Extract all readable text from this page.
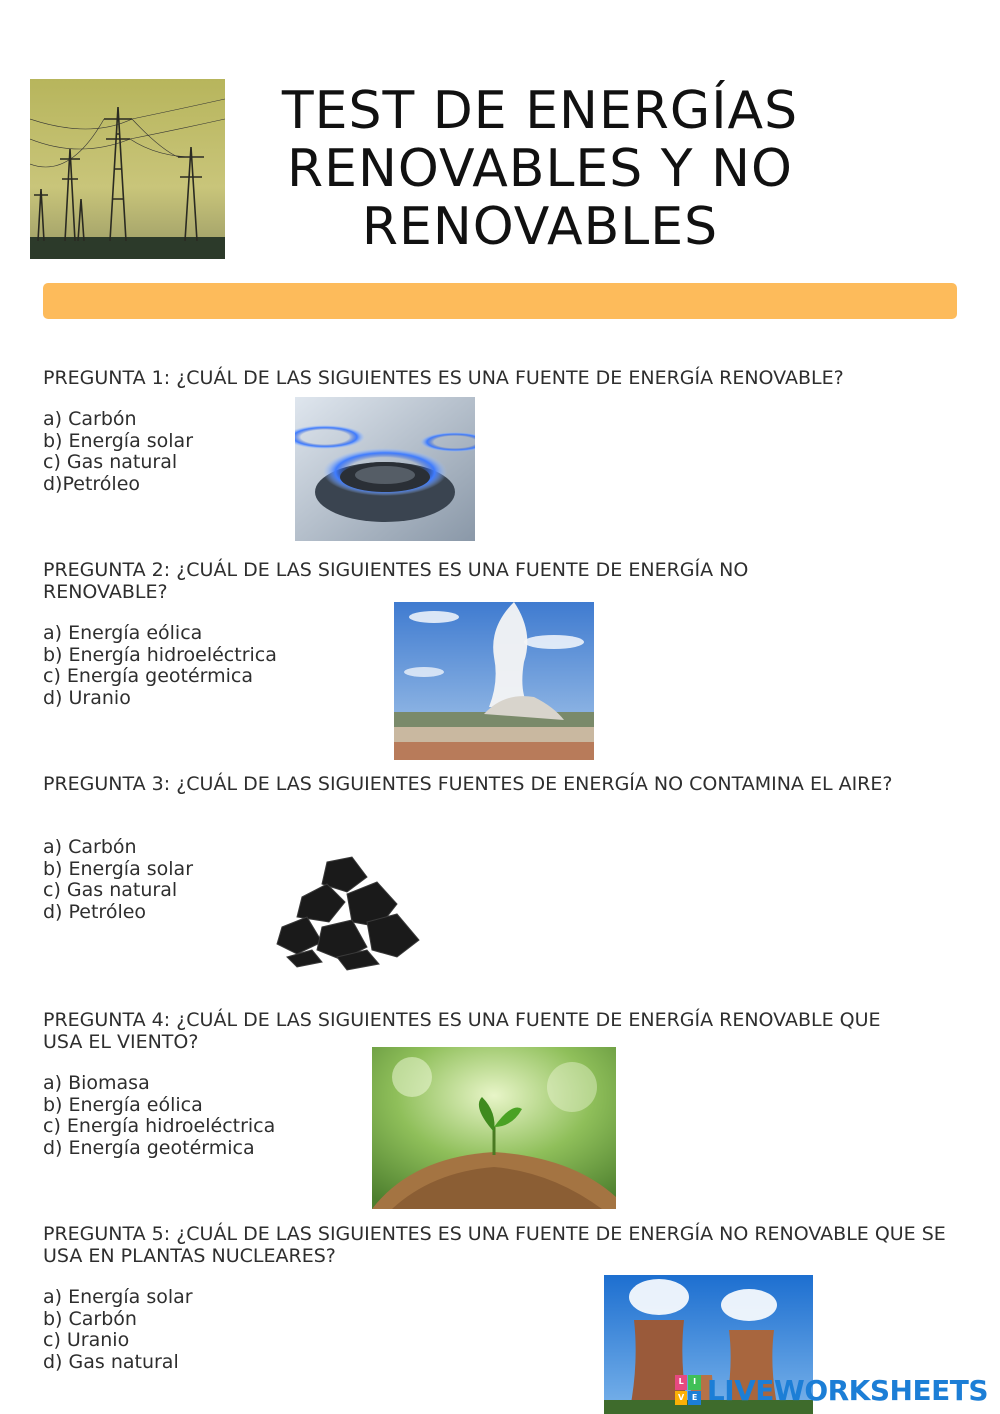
TEST DE ENERGÍAS
RENOVABLES Y NO
RENOVABLES
PREGUNTA 1: ¿CUÁL DE LAS SIGUIENTES ES UNA FUENTE DE ENERGÍA RENOVABLE?
a) Carbón
b) Energía solar
c) Gas natural
d)Petróleo
PREGUNTA 2: ¿CUÁL DE LAS SIGUIENTES ES UNA FUENTE DE ENERGÍA NO RENOVABLE?
a) Energía eólica
b) Energía hidroeléctrica
c) Energía geotérmica
d) Uranio
PREGUNTA 3: ¿CUÁL DE LAS SIGUIENTES FUENTES DE ENERGÍA NO CONTAMINA EL AIRE?
a) Carbón
b) Energía solar
c) Gas natural
d) Petróleo
PREGUNTA 4: ¿CUÁL DE LAS SIGUIENTES ES UNA FUENTE DE ENERGÍA RENOVABLE QUE USA EL VIENTO?
a) Biomasa
b) Energía eólica
c) Energía hidroeléctrica
d) Energía geotérmica
PREGUNTA 5: ¿CUÁL DE LAS SIGUIENTES ES UNA FUENTE DE ENERGÍA NO RENOVABLE QUE SE USA EN PLANTAS NUCLEARES?
a) Energía solar
b) Carbón
c) Uranio
d) Gas natural
L	I
V E LIVEWORKSHEETS
